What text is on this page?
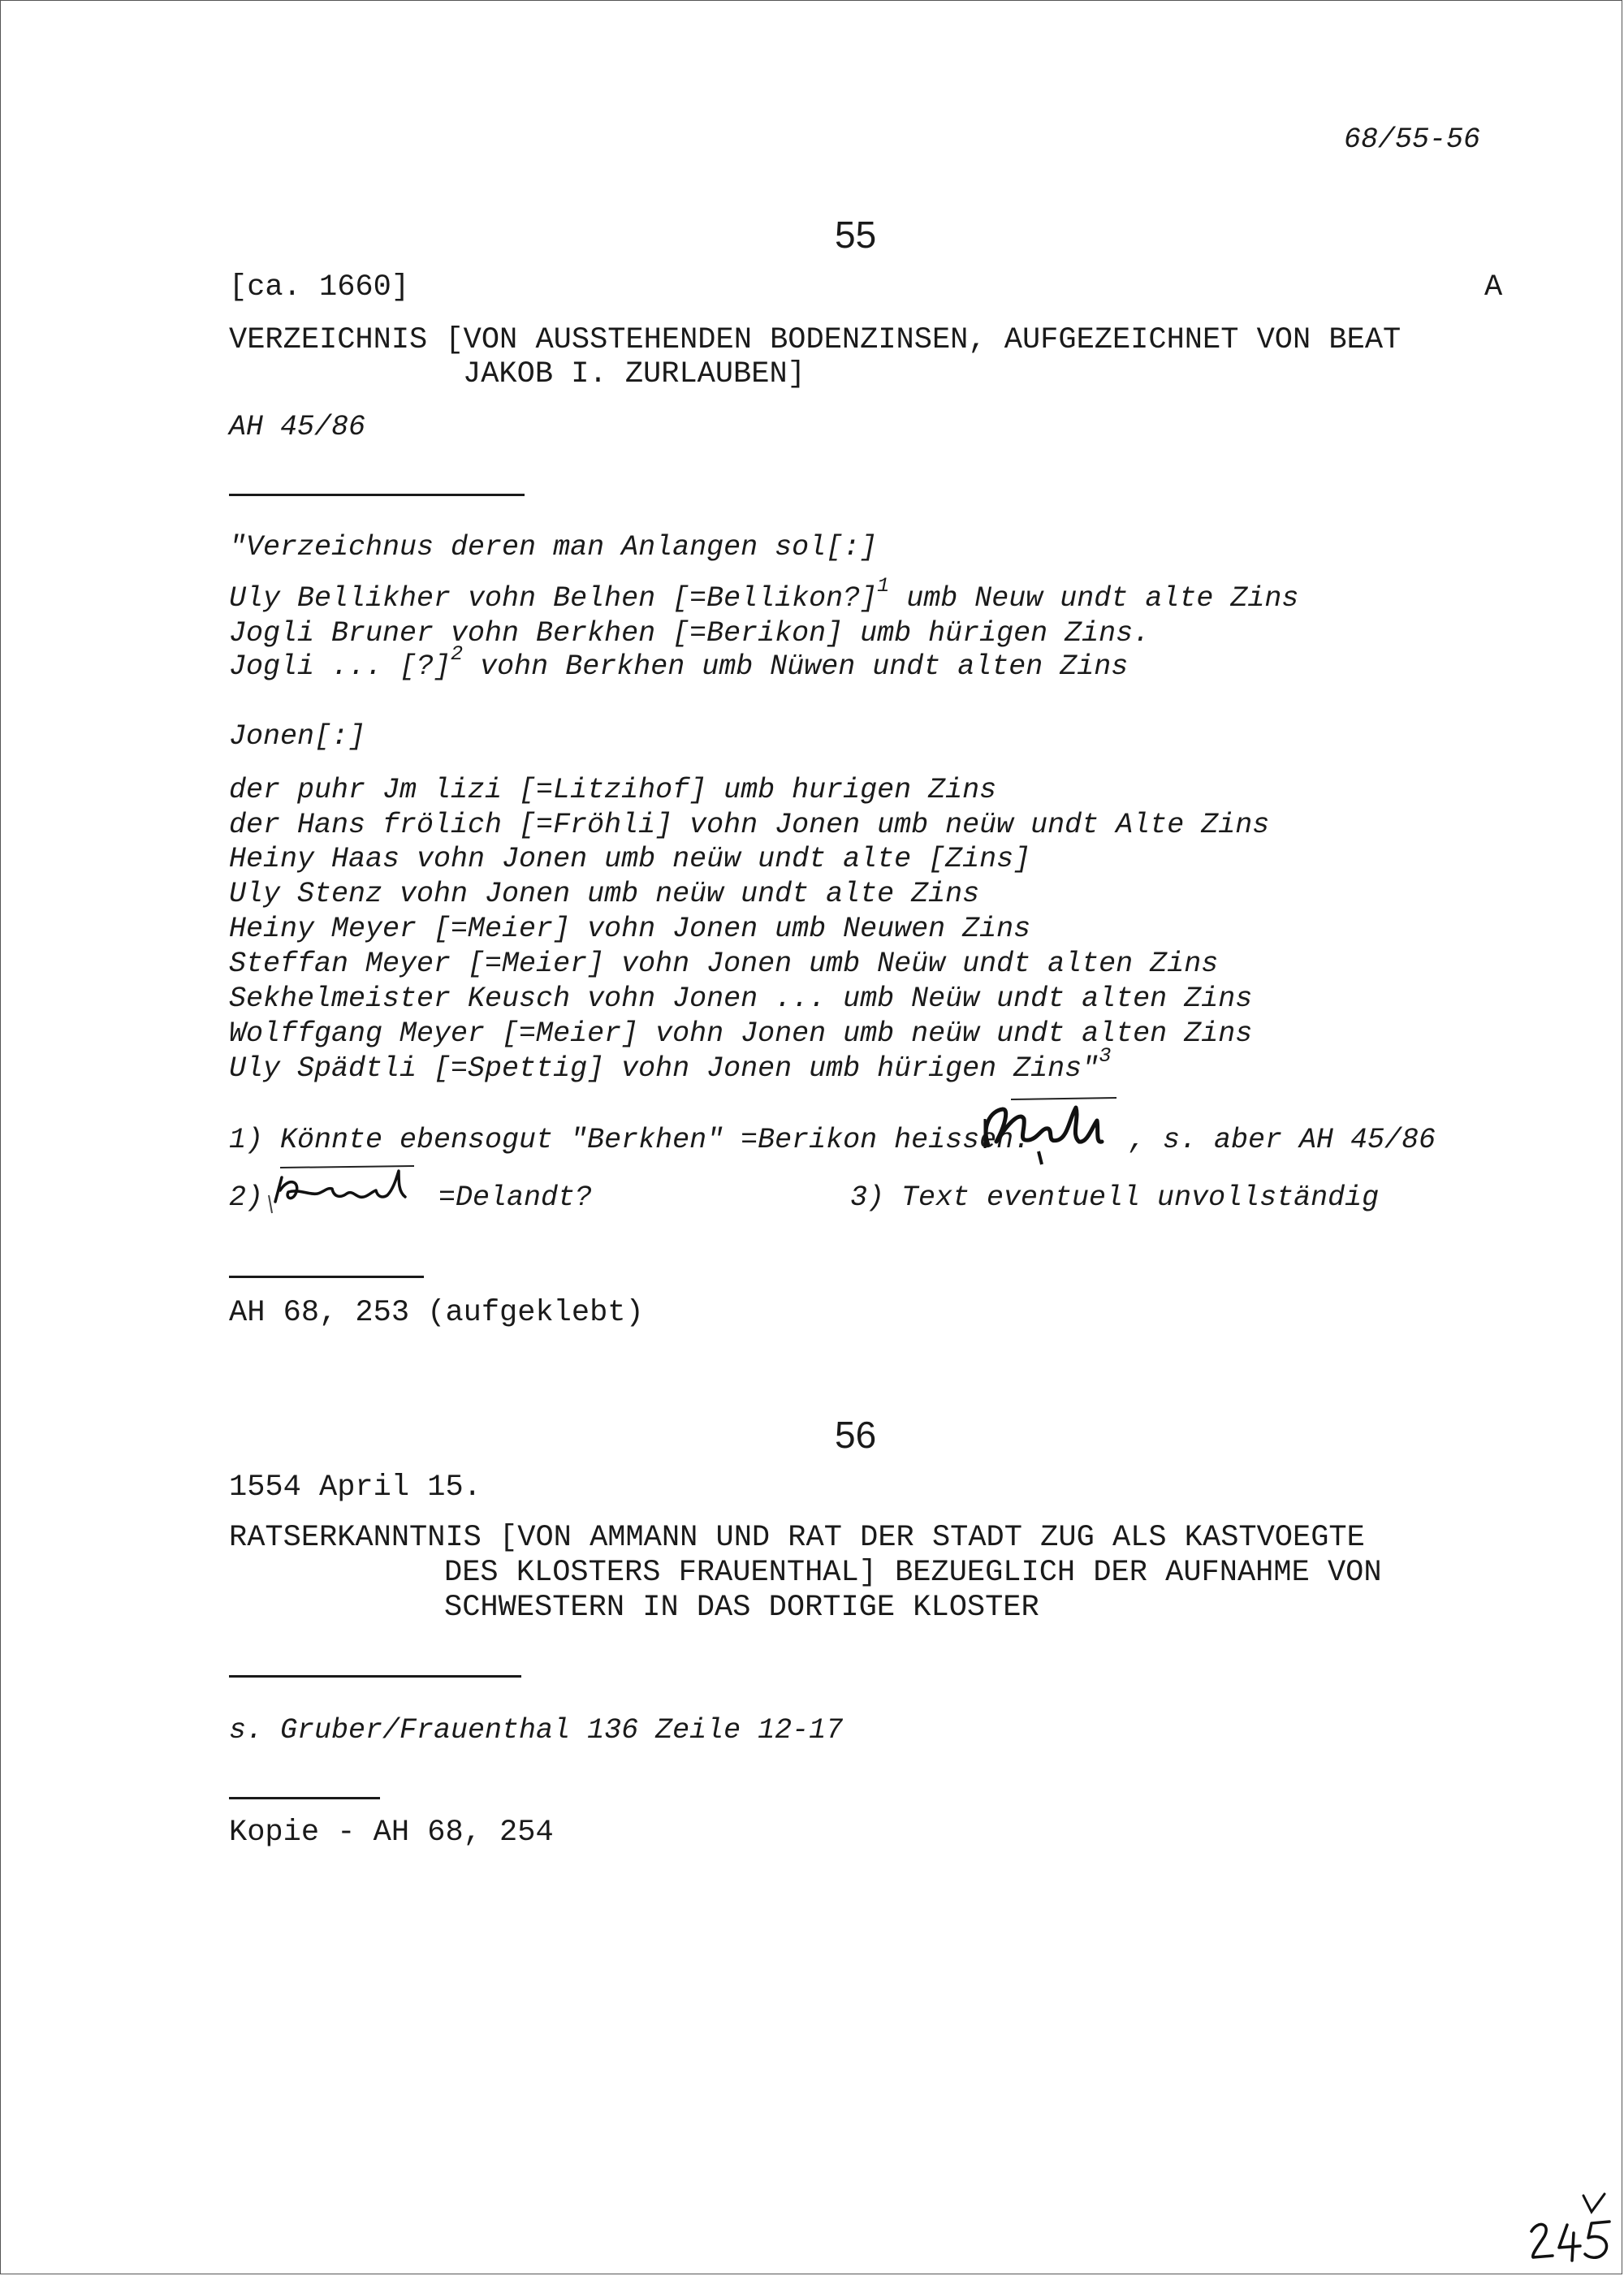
68/55-56
55
[ca. 1660]	A
VERZEICHNIS [VON AUSSTEHENDEN BODENZINSEN, AUFGEZEICHNET VON BEAT
JAKOB I. ZURLAUBEN]
AH 45/86
"Verzeichnus deren man Anlangen sol[:]
Uly Bellikher vohn Belhen [=Bellikon?]$^1$ umb Neuw undt alte Zins
Jogli Bruner vohn Berkhen [=Berikon] umb hürigen Zins.
Jogli ... [?]$^2$ vohn Berkhen umb Nüwen undt alten Zins
Jonen[:]
der puhr Jm lizi [=Litzihof] umb hurigen Zins
der Hans frölich [=Fröhli] vohn Jonen umb neüw undt Alte Zins
Heiny Haas vohn Jonen umb neüw undt alte [Zins]
Uly Stenz vohn Jonen umb neüw undt alte Zins
Heiny Meyer [=Meier] vohn Jonen umb Neuwen Zins
Steffan Meyer [=Meier] vohn Jonen umb Neüw undt alten Zins
Sekhelmeister Keusch vohn Jonen ... umb Neüw undt alten Zins
Wolffgang Meyer [=Meier] vohn Jonen umb neüw undt alten Zins
Uly Spädtli [=Spettig] vohn Jonen umb hürigen Zins"$^3$
1) Könnte ebensogut "Berkhen" =Berikon heissen:	, s. aber AH 45/86
2)	=Delandt?	3) Text eventuell unvollständig
AH 68, 253 (aufgeklebt)
56
1554 April 15.
RATSERKANNTNIS [VON AMMANN UND RAT DER STADT ZUG ALS KASTVOEGTE
DES KLOSTERS FRAUENTHAL] BEZUEGLICH DER AUFNAHME VON
SCHWESTERN IN DAS DORTIGE KLOSTER
s. Gruber/Frauenthal 136 Zeile 12-17
Kopie - AH 68, 254
